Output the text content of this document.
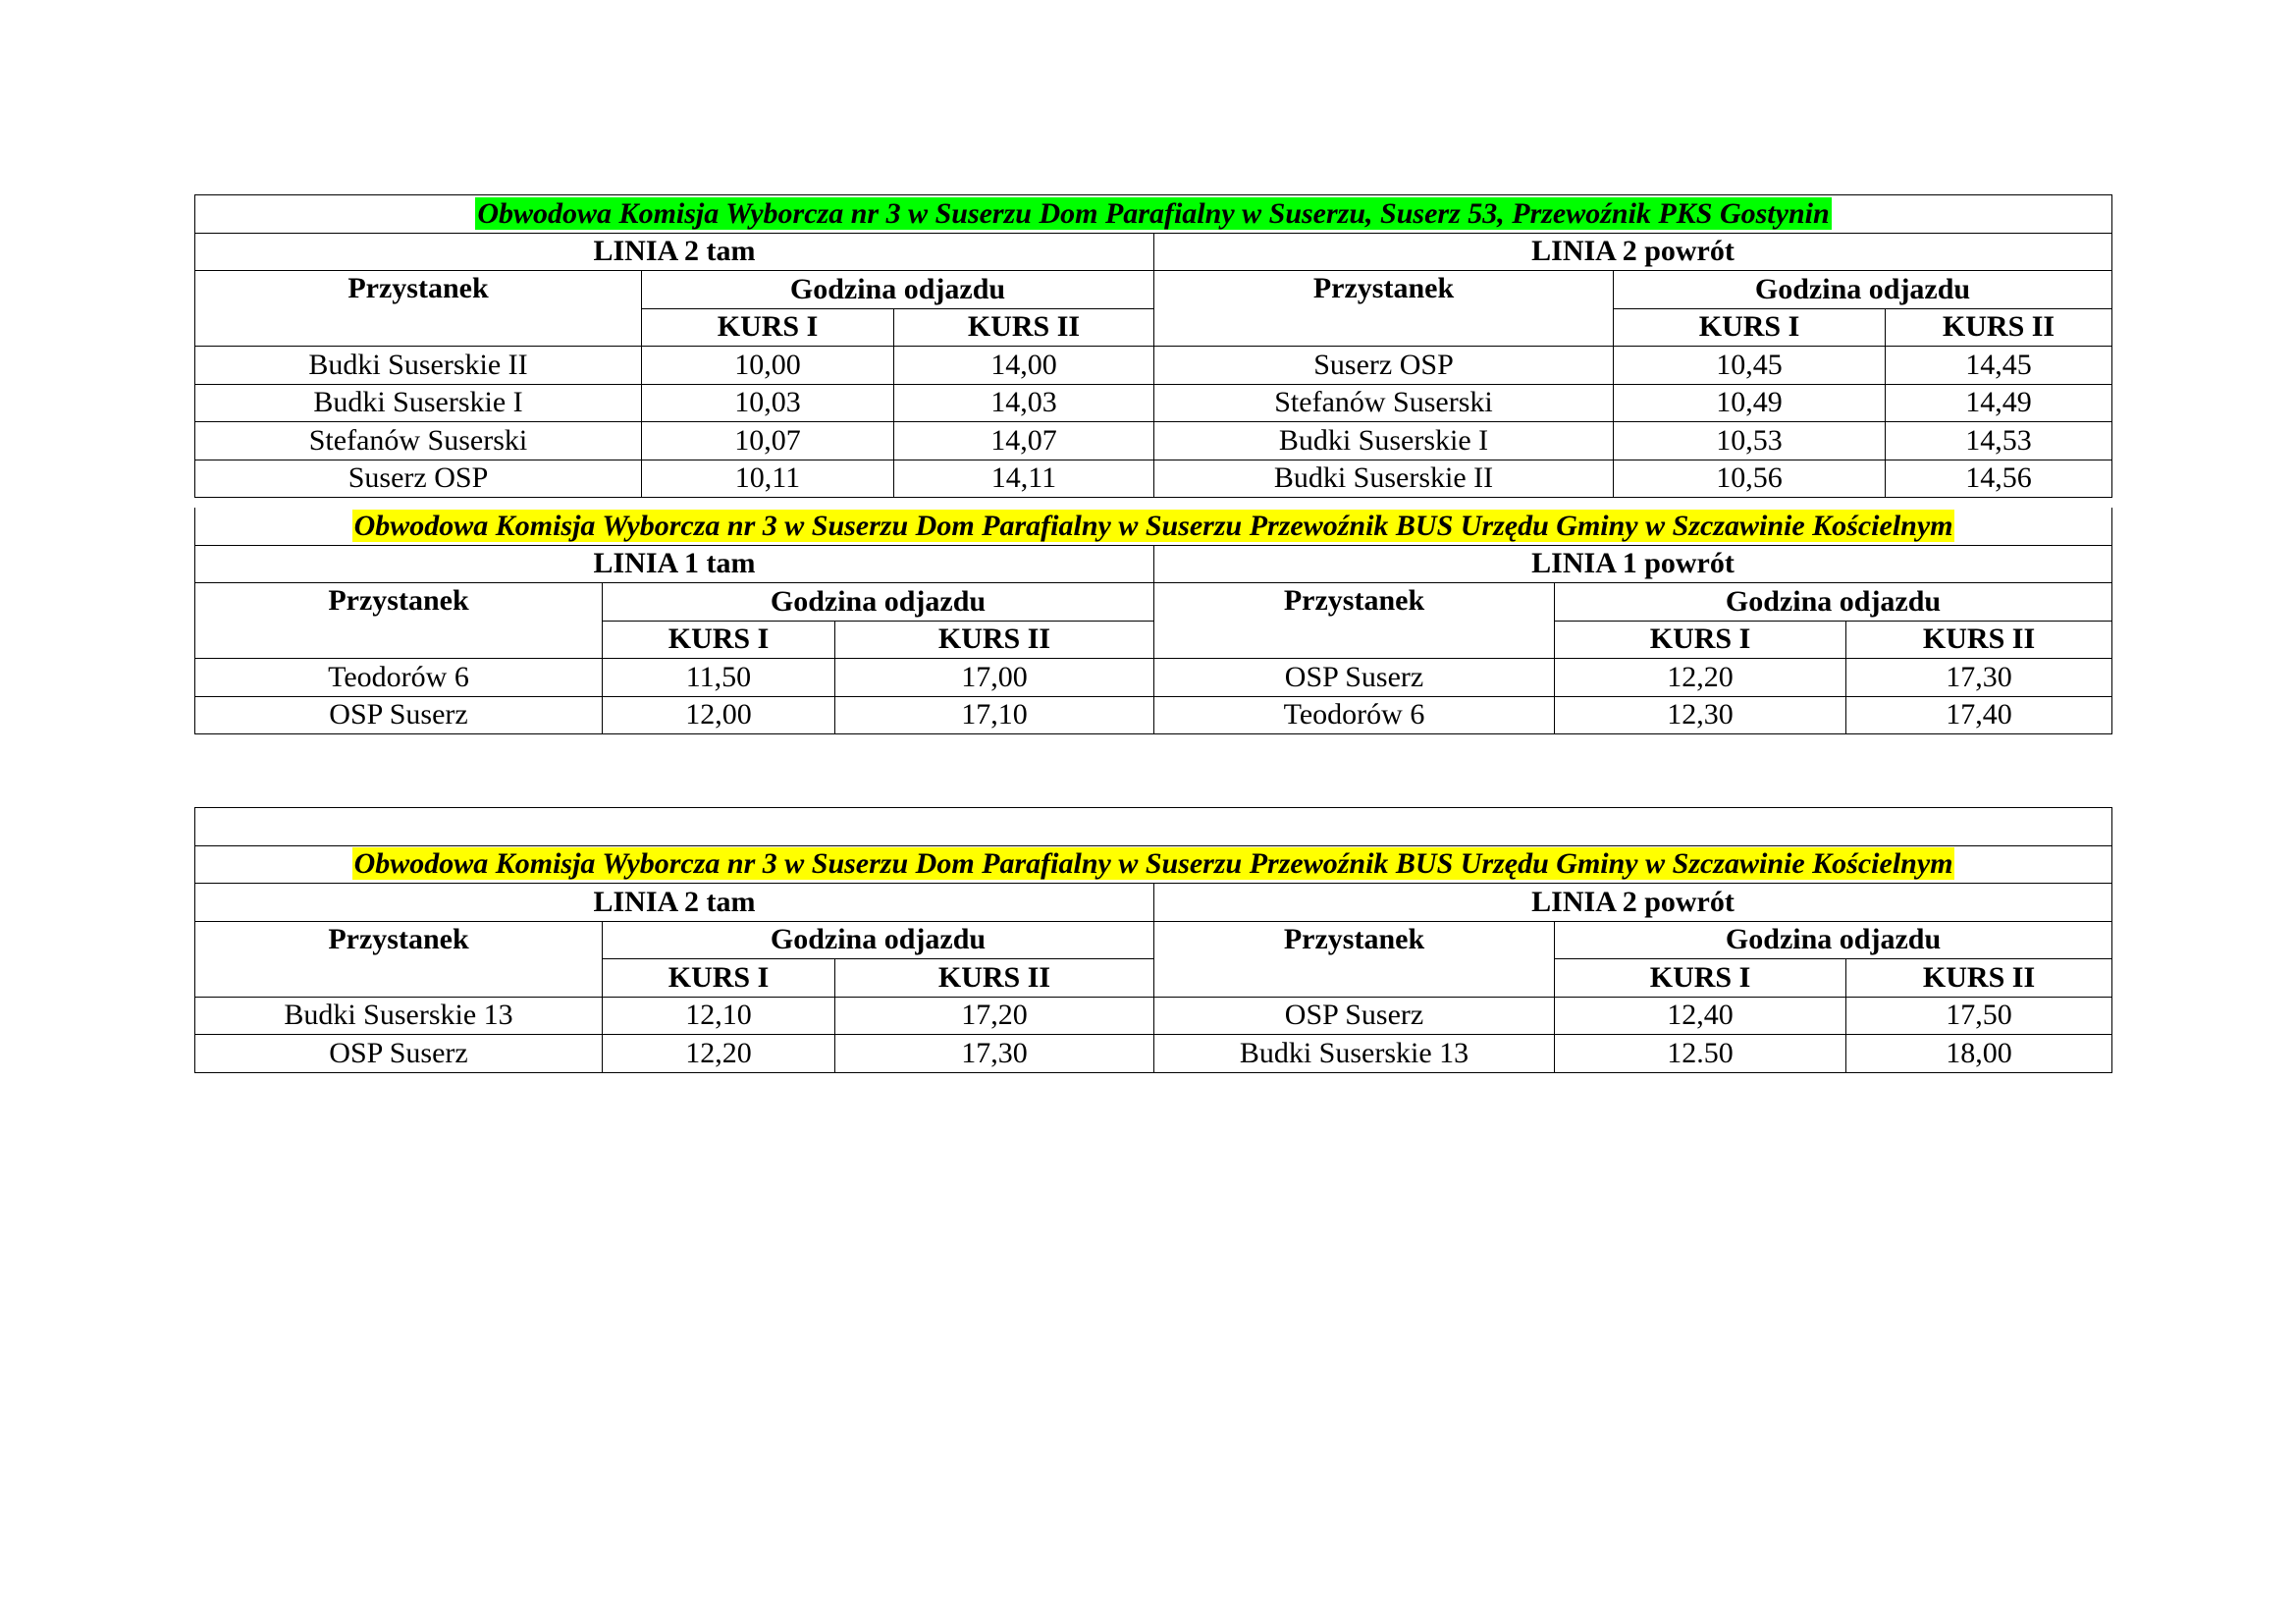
Obwodowa Komisja Wyborcza nr 3 w Suserzu Dom Parafialny w Suserzu, Suserz 53, Przewoźnik PKS Gostynin					
LINIA 2 tam			LINIA 2 powrót		
Przystanek	Godzina odjazdu		Przystanek	Godzina odjazdu	
	KURS I	KURS II		KURS I	KURS II
Budki Suserskie II	10,00	14,00	Suserz OSP	10,45	14,45
Budki Suserskie I	10,03	14,03	Stefanów Suserski	10,49	14,49
Stefanów Suserski	10,07	14,07	Budki Suserskie I	10,53	14,53
Suserz OSP	10,11	14,11	Budki Suserskie II	10,56	14,56
Obwodowa Komisja Wyborcza nr 3 w Suserzu Dom Parafialny w Suserzu Przewoźnik BUS Urzędu Gminy w Szczawinie Kościelnym					
LINIA 1 tam			LINIA 1 powrót		
Przystanek	Godzina odjazdu		Przystanek	Godzina odjazdu	
	KURS I	KURS II		KURS I	KURS II
Teodorów 6	11,50	17,00	OSP Suserz	12,20	17,30
OSP Suserz	12,00	17,10	Teodorów 6	12,30	17,40

Obwodowa Komisja Wyborcza nr 3 w Suserzu Dom Parafialny w Suserzu Przewoźnik BUS Urzędu Gminy w Szczawinie Kościelnym					
LINIA 2 tam			LINIA 2 powrót		
Przystanek	Godzina odjazdu		Przystanek	Godzina odjazdu	
	KURS I	KURS II		KURS I	KURS II
Budki Suserskie 13	12,10	17,20	OSP Suserz	12,40	17,50
OSP Suserz	12,20	17,30	Budki Suserskie 13	12.50	18,00
